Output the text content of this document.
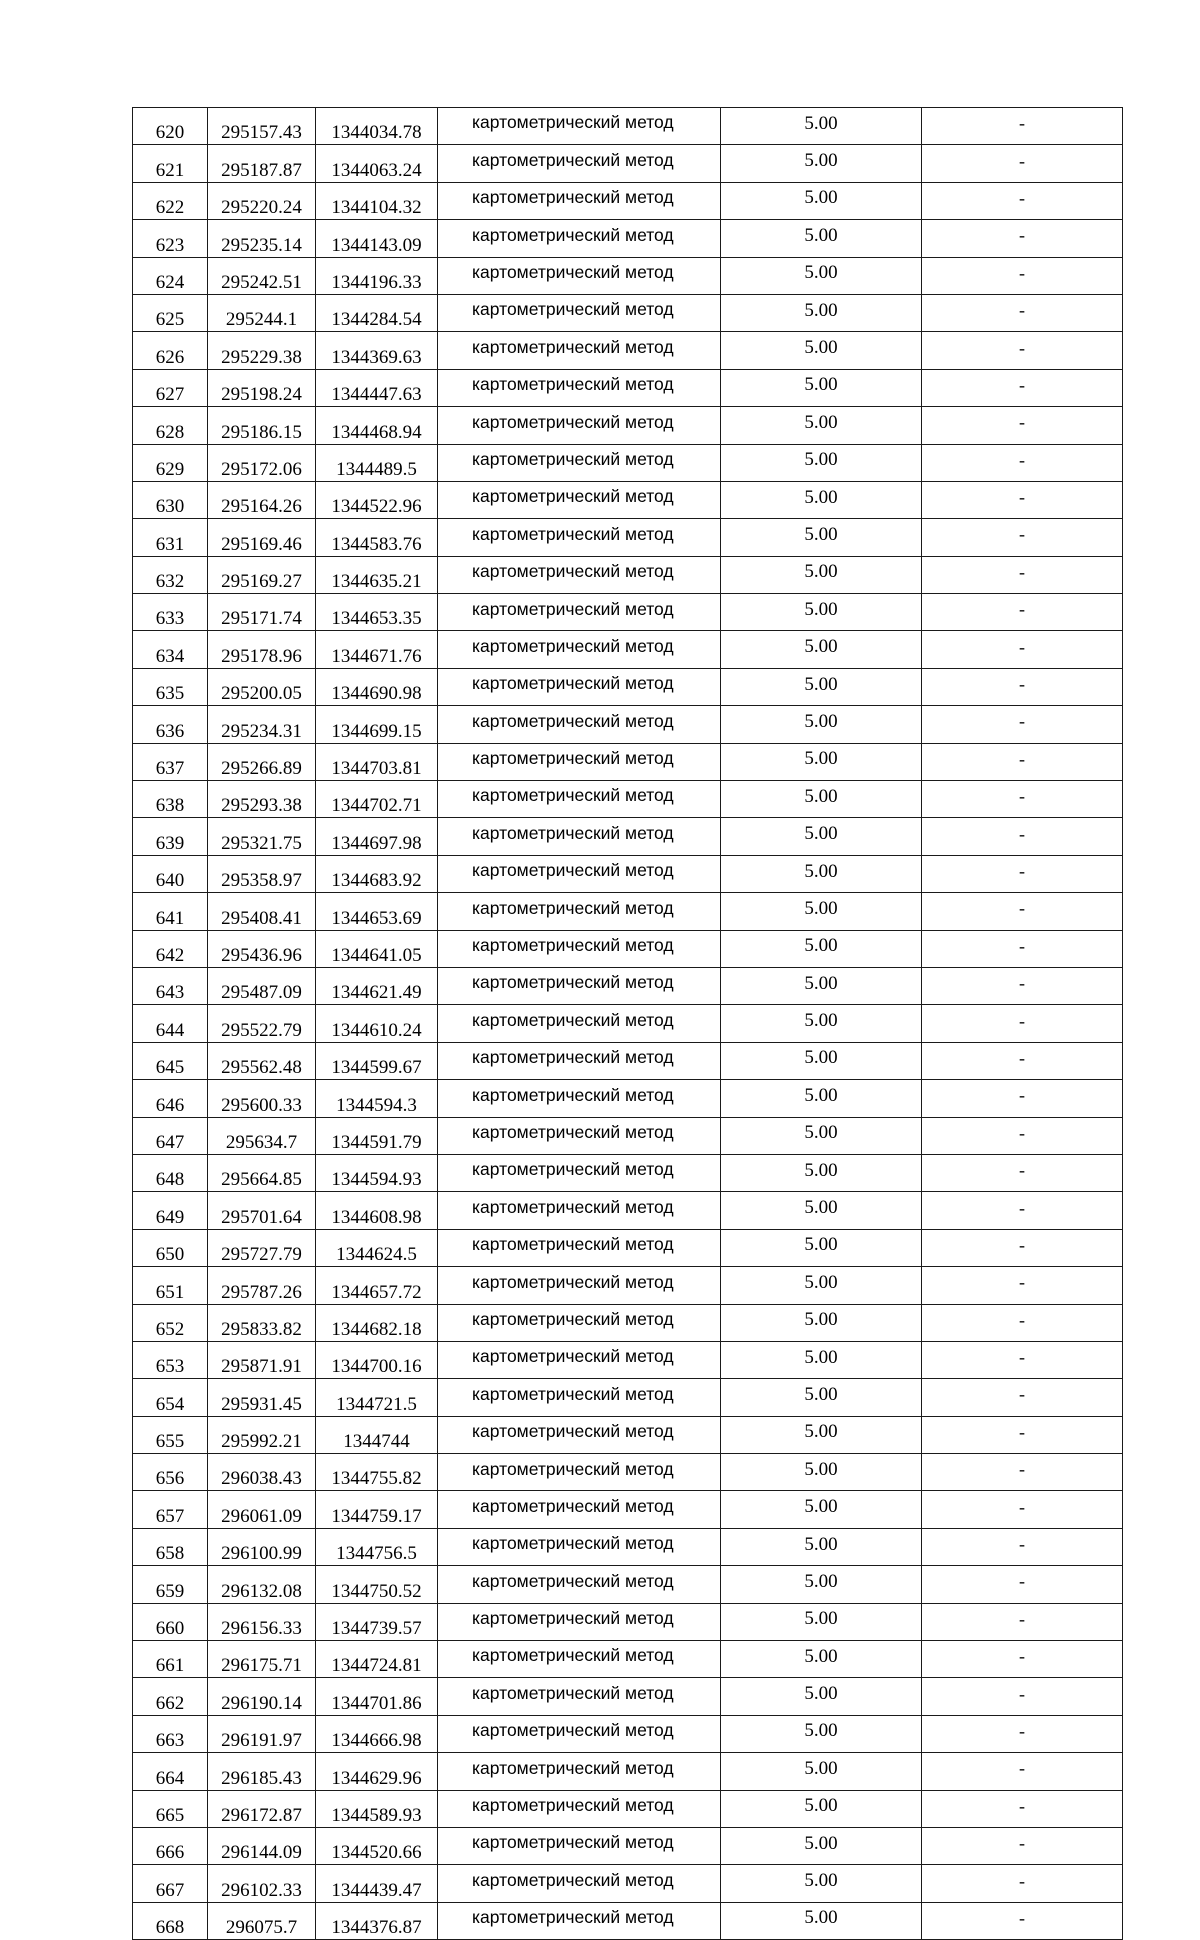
620	295157.43	1344034.78	картометрический метод	5.00	-
621	295187.87	1344063.24	картометрический метод	5.00	-
622	295220.24	1344104.32	картометрический метод	5.00	-
623	295235.14	1344143.09	картометрический метод	5.00	-
624	295242.51	1344196.33	картометрический метод	5.00	-
625	295244.1	1344284.54	картометрический метод	5.00	-
626	295229.38	1344369.63	картометрический метод	5.00	-
627	295198.24	1344447.63	картометрический метод	5.00	-
628	295186.15	1344468.94	картометрический метод	5.00	-
629	295172.06	1344489.5	картометрический метод	5.00	-
630	295164.26	1344522.96	картометрический метод	5.00	-
631	295169.46	1344583.76	картометрический метод	5.00	-
632	295169.27	1344635.21	картометрический метод	5.00	-
633	295171.74	1344653.35	картометрический метод	5.00	-
634	295178.96	1344671.76	картометрический метод	5.00	-
635	295200.05	1344690.98	картометрический метод	5.00	-
636	295234.31	1344699.15	картометрический метод	5.00	-
637	295266.89	1344703.81	картометрический метод	5.00	-
638	295293.38	1344702.71	картометрический метод	5.00	-
639	295321.75	1344697.98	картометрический метод	5.00	-
640	295358.97	1344683.92	картометрический метод	5.00	-
641	295408.41	1344653.69	картометрический метод	5.00	-
642	295436.96	1344641.05	картометрический метод	5.00	-
643	295487.09	1344621.49	картометрический метод	5.00	-
644	295522.79	1344610.24	картометрический метод	5.00	-
645	295562.48	1344599.67	картометрический метод	5.00	-
646	295600.33	1344594.3	картометрический метод	5.00	-
647	295634.7	1344591.79	картометрический метод	5.00	-
648	295664.85	1344594.93	картометрический метод	5.00	-
649	295701.64	1344608.98	картометрический метод	5.00	-
650	295727.79	1344624.5	картометрический метод	5.00	-
651	295787.26	1344657.72	картометрический метод	5.00	-
652	295833.82	1344682.18	картометрический метод	5.00	-
653	295871.91	1344700.16	картометрический метод	5.00	-
654	295931.45	1344721.5	картометрический метод	5.00	-
655	295992.21	1344744	картометрический метод	5.00	-
656	296038.43	1344755.82	картометрический метод	5.00	-
657	296061.09	1344759.17	картометрический метод	5.00	-
658	296100.99	1344756.5	картометрический метод	5.00	-
659	296132.08	1344750.52	картометрический метод	5.00	-
660	296156.33	1344739.57	картометрический метод	5.00	-
661	296175.71	1344724.81	картометрический метод	5.00	-
662	296190.14	1344701.86	картометрический метод	5.00	-
663	296191.97	1344666.98	картометрический метод	5.00	-
664	296185.43	1344629.96	картометрический метод	5.00	-
665	296172.87	1344589.93	картометрический метод	5.00	-
666	296144.09	1344520.66	картометрический метод	5.00	-
667	296102.33	1344439.47	картометрический метод	5.00	-
668	296075.7	1344376.87	картометрический метод	5.00	-
